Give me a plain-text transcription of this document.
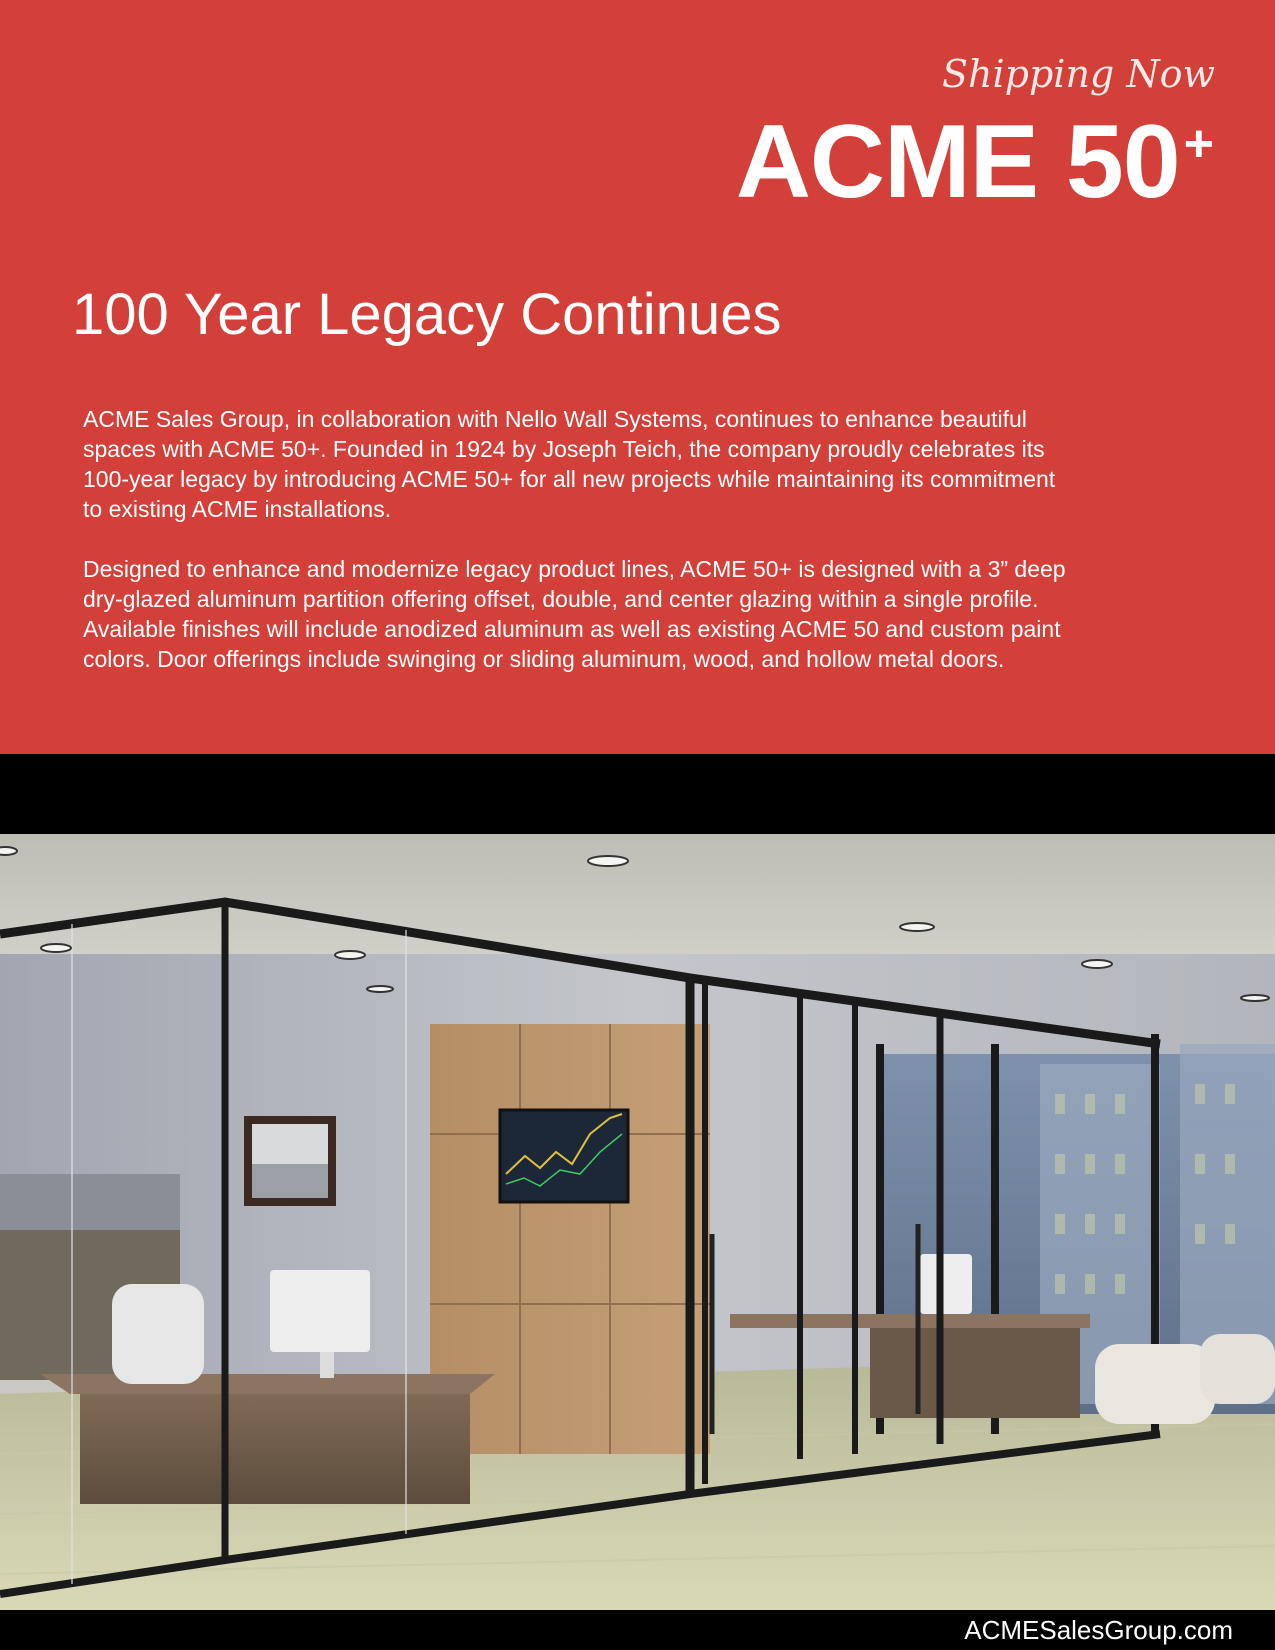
Shipping Now
ACME 50+
100 Year Legacy Continues

ACME Sales Group, in collaboration with Nello Wall Systems, continues to enhance beautiful spaces with ACME 50+. Founded in 1924 by Joseph Teich, the company proudly celebrates its 100-year legacy by introducing ACME 50+ for all new projects while maintaining its commitment to existing ACME installations.

Designed to enhance and modernize legacy product lines, ACME 50+ is designed with a 3” deep dry-glazed aluminum partition offering offset, double, and center glazing within a single profile. Available finishes will include anodized aluminum as well as existing ACME 50 and custom paint colors. Door offerings include swinging or sliding aluminum, wood, and hollow metal doors.

ACMESalesGroup.com
